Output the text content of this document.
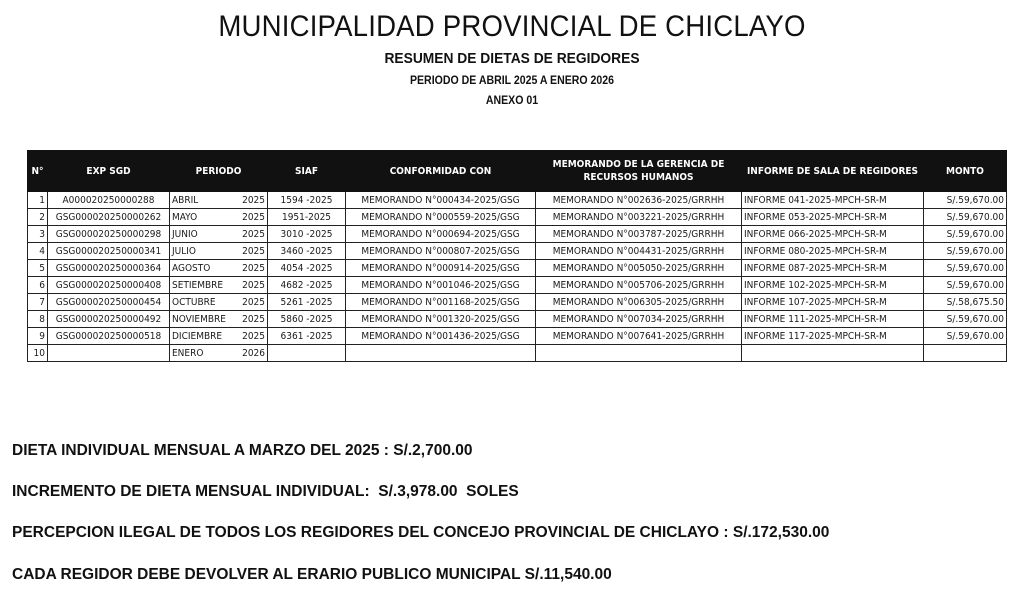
MUNICIPALIDAD PROVINCIAL DE CHICLAYO
RESUMEN DE DIETAS DE REGIDORES
PERIODO DE ABRIL 2025 A ENERO 2026
ANEXO 01
N°	EXP SGD	PERIODO	SIAF	CONFORMIDAD CON	MEMORANDO DE LA GERENCIA DE RECURSOS HUMANOS	INFORME DE SALA DE REGIDORES	MONTO
1	A000020250000288	ABRIL 2025	1594 -2025	MEMORANDO N°000434-2025/GSG	MEMORANDO N°002636-2025/GRRHH	INFORME 041-2025-MPCH-SR-M	S/.59,670.00
2	GSG000020250000262	MAYO 2025	1951-2025	MEMORANDO N°000559-2025/GSG	MEMORANDO N°003221-2025/GRRHH	INFORME 053-2025-MPCH-SR-M	S/.59,670.00
3	GSG000020250000298	JUNIO 2025	3010 -2025	MEMORANDO N°000694-2025/GSG	MEMORANDO N°003787-2025/GRRHH	INFORME 066-2025-MPCH-SR-M	S/.59,670.00
4	GSG000020250000341	JULIO 2025	3460 -2025	MEMORANDO N°000807-2025/GSG	MEMORANDO N°004431-2025/GRRHH	INFORME 080-2025-MPCH-SR-M	S/.59,670.00
5	GSG000020250000364	AGOSTO 2025	4054 -2025	MEMORANDO N°000914-2025/GSG	MEMORANDO N°005050-2025/GRRHH	INFORME 087-2025-MPCH-SR-M	S/.59,670.00
6	GSG000020250000408	SETIEMBRE 2025	4682 -2025	MEMORANDO N°001046-2025/GSG	MEMORANDO N°005706-2025/GRRHH	INFORME 102-2025-MPCH-SR-M	S/.59,670.00
7	GSG000020250000454	OCTUBRE 2025	5261 -2025	MEMORANDO N°001168-2025/GSG	MEMORANDO N°006305-2025/GRRHH	INFORME 107-2025-MPCH-SR-M	S/.58,675.50
8	GSG000020250000492	NOVIEMBRE 2025	5860 -2025	MEMORANDO N°001320-2025/GSG	MEMORANDO N°007034-2025/GRRHH	INFORME 111-2025-MPCH-SR-M	S/.59,670.00
9	GSG000020250000518	DICIEMBRE 2025	6361 -2025	MEMORANDO N°001436-2025/GSG	MEMORANDO N°007641-2025/GRRHH	INFORME 117-2025-MPCH-SR-M	S/.59,670.00
10		ENERO 2026					

DIETA INDIVIDUAL MENSUAL A MARZO DEL 2025 : S/.2,700.00
INCREMENTO DE DIETA MENSUAL INDIVIDUAL:  S/.3,978.00  SOLES
PERCEPCION ILEGAL DE TODOS LOS REGIDORES DEL CONCEJO PROVINCIAL DE CHICLAYO : S/.172,530.00
CADA REGIDOR DEBE DEVOLVER AL ERARIO PUBLICO MUNICIPAL S/.11,540.00
